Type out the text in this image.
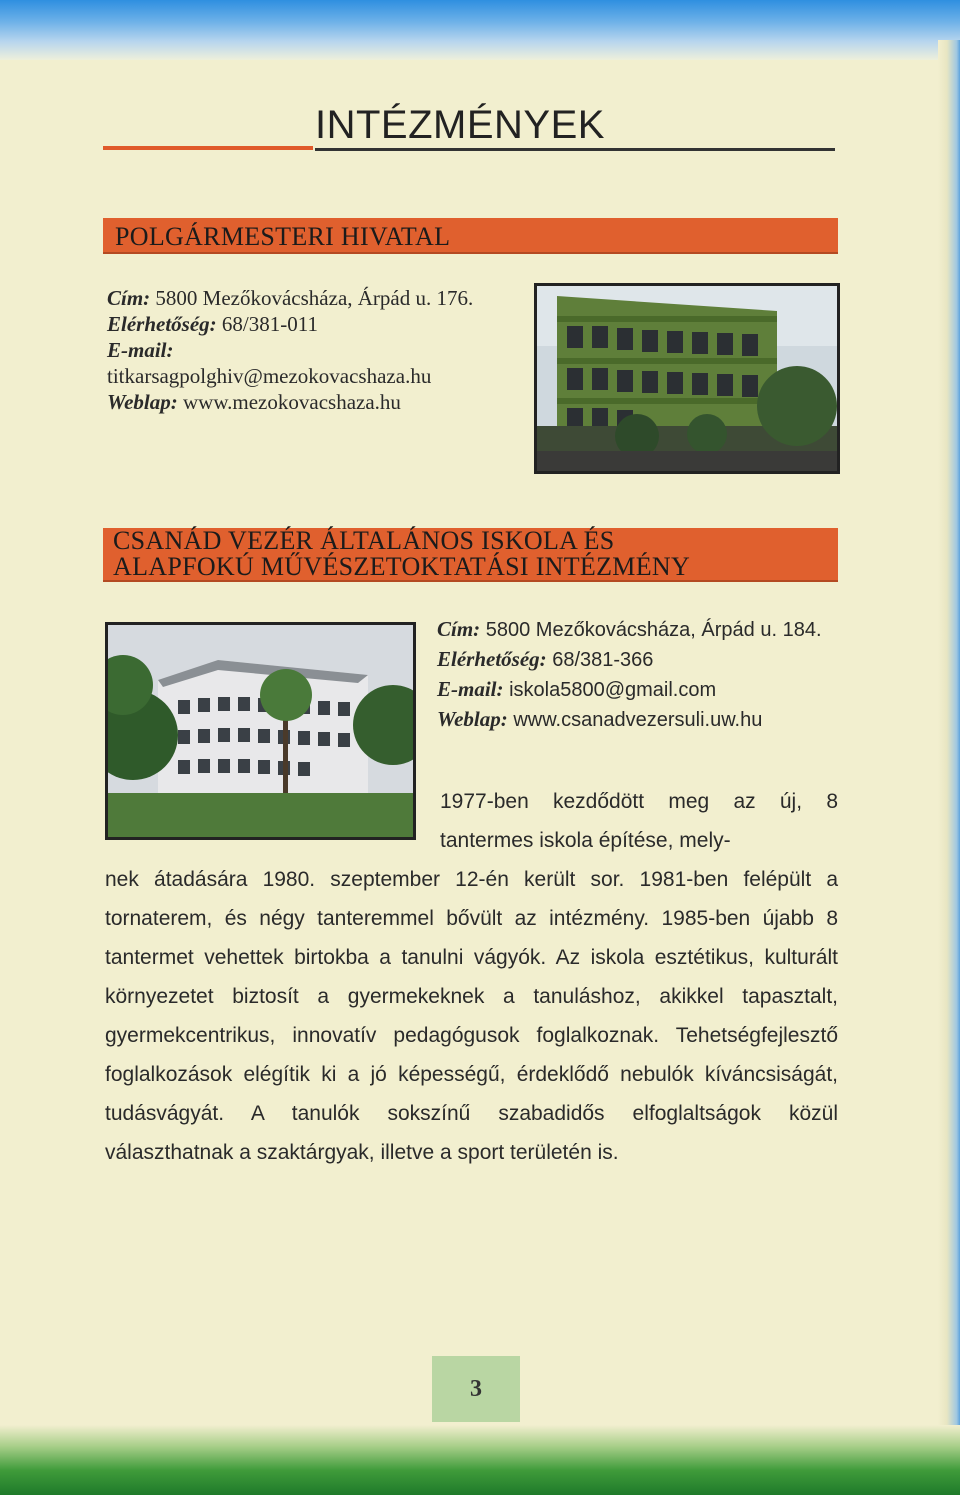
INTÉZMÉNYEK
POLGÁRMESTERI HIVATAL
Cím: 5800 Mezőkovácsháza, Árpád u. 176.
Elérhetőség: 68/381-011
E-mail:
titkarsagpolghiv@mezokovacshaza.hu
Weblap: www.mezokovacshaza.hu
CSANÁD VEZÉR ÁLTALÁNOS ISKOLA ÉS
ALAPFOKÚ MŰVÉSZETOKTATÁSI INTÉZMÉNY
Cím: 5800 Mezőkovácsháza, Árpád u. 184.
Elérhetőség: 68/381-366
E-mail: iskola5800@gmail.com
Weblap: www.csanadvezersuli.uw.hu
1977-ben kezdődött meg az új, 8 tantermes iskola építése, mely-
nek átadására 1980. szeptember 12-én került sor. 1981-ben felépült a tornaterem, és négy tanteremmel bővült az intézmény. 1985-ben újabb 8 tantermet vehettek birtokba a tanulni vágyók. Az iskola esztétikus, kulturált környezetet biztosít a gyermekeknek a tanuláshoz, akikkel tapasztalt, gyermekcentrikus, innovatív pedagógusok foglalkoznak. Tehetségfejlesztő foglalkozások elégítik ki a jó képességű, érdeklődő nebulók kíváncsiságát, tudásvágyát. A tanulók sokszínű szabadidős elfoglaltságok közül választhatnak a szaktárgyak, illetve a sport területén is.
3
